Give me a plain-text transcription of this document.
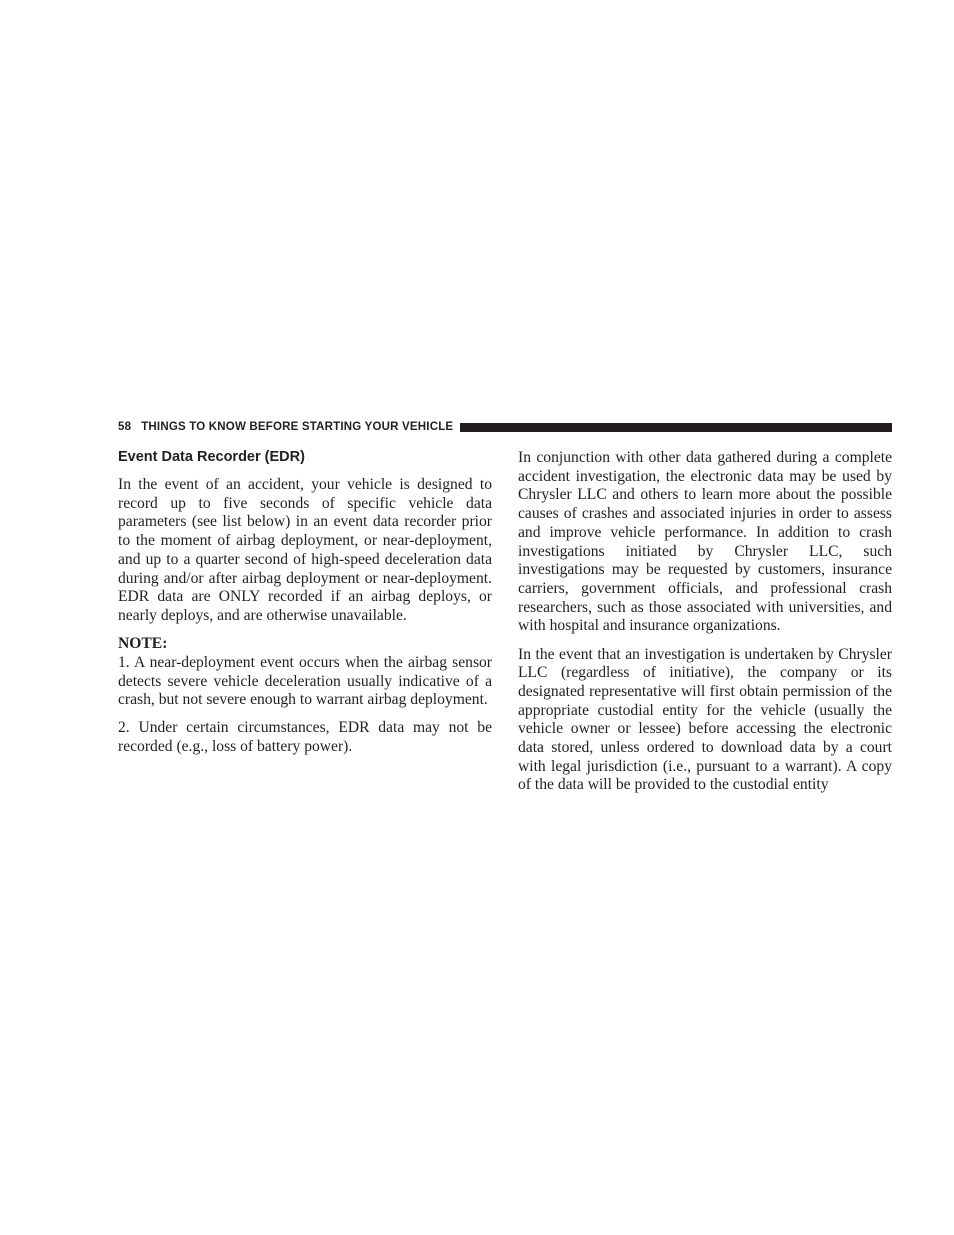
58 THINGS TO KNOW BEFORE STARTING YOUR VEHICLE
Event Data Recorder (EDR)

In the event of an accident, your vehicle is designed to record up to five seconds of specific vehicle data parameters (see list below) in an event data recorder prior to the moment of airbag deployment, or near-deployment, and up to a quarter second of high-speed deceleration data during and/or after airbag deployment or near-deployment. EDR data are ONLY recorded if an airbag deploys, or nearly deploys, and are otherwise unavailable.

NOTE:

1. A near-deployment event occurs when the airbag sensor detects severe vehicle deceleration usually indicative of a crash, but not severe enough to warrant airbag deployment.

2. Under certain circumstances, EDR data may not be recorded (e.g., loss of battery power).

In conjunction with other data gathered during a complete accident investigation, the electronic data may be used by Chrysler LLC and others to learn more about the possible causes of crashes and associated injuries in order to assess and improve vehicle performance. In addition to crash investigations initiated by Chrysler LLC, such investigations may be requested by customers, insurance carriers, government officials, and professional crash researchers, such as those associated with universities, and with hospital and insurance organizations.

In the event that an investigation is undertaken by Chrysler LLC (regardless of initiative), the company or its designated representative will first obtain permission of the appropriate custodial entity for the vehicle (usually the vehicle owner or lessee) before accessing the electronic data stored, unless ordered to download data by a court with legal jurisdiction (i.e., pursuant to a warrant). A copy of the data will be provided to the custodial entity
